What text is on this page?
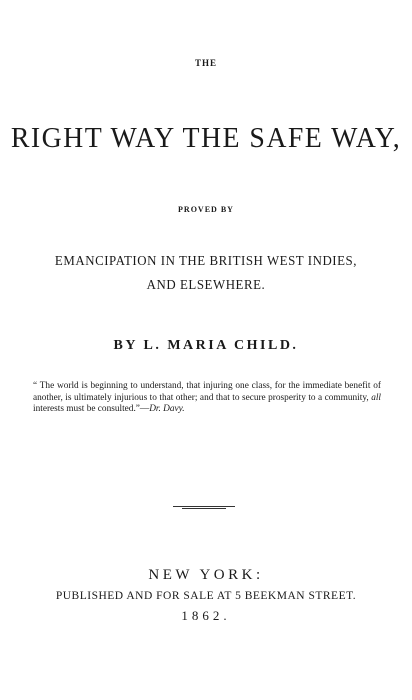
THE
RIGHT WAY THE SAFE WAY,
PROVED BY
EMANCIPATION IN THE BRITISH WEST INDIES,
AND ELSEWHERE.
BY L. MARIA CHILD.
“ The world is beginning to understand, that injuring one class, for the immediate benefit of another, is ultimately injurious to that other; and that to secure prosperity to a community, all interests must be consulted.”—Dr. Davy.
NEW YORK:
PUBLISHED AND FOR SALE AT 5 BEEKMAN STREET.
1862.
